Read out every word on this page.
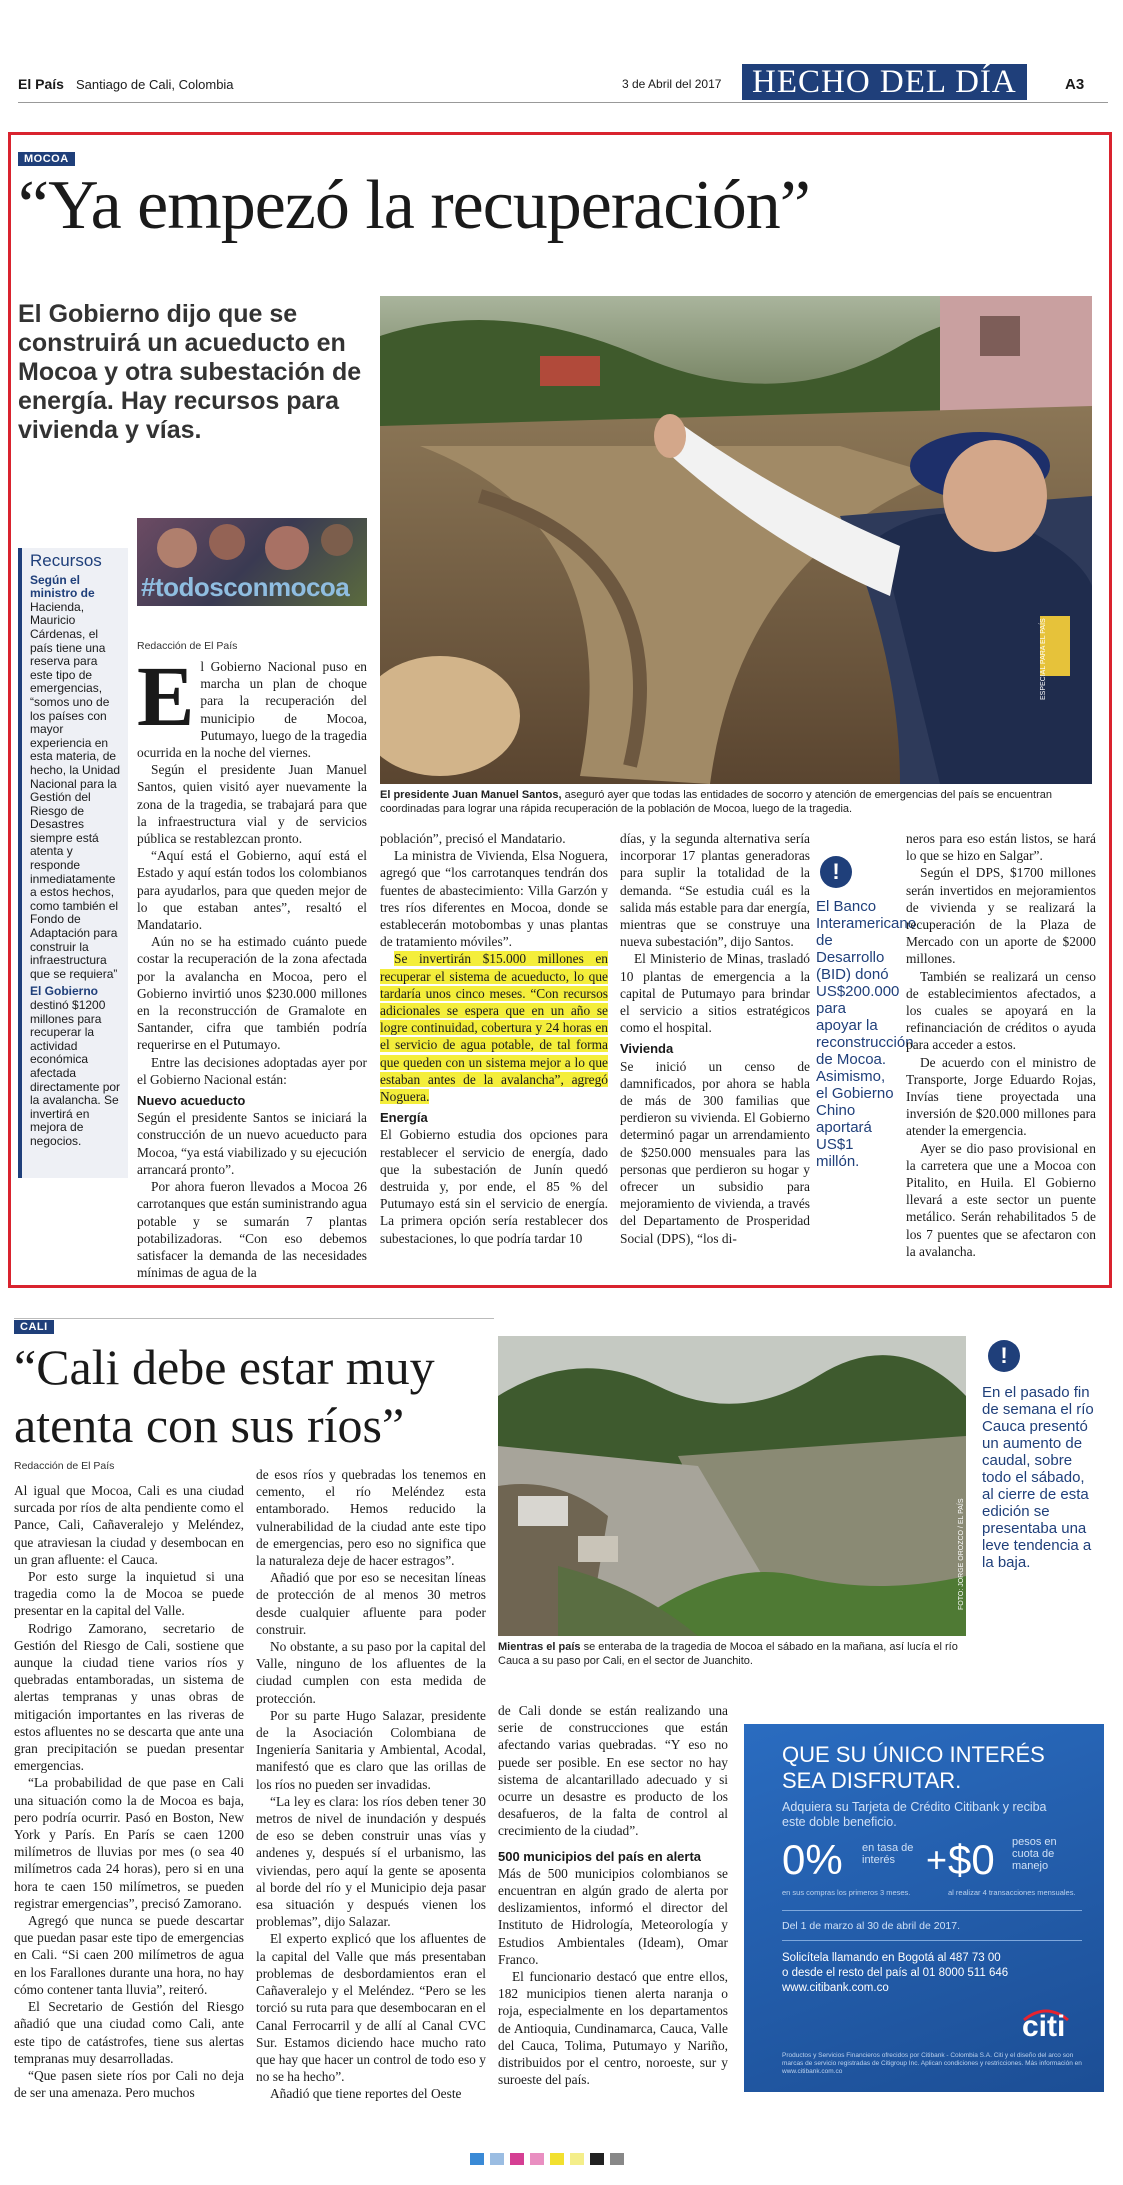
El País Santiago de Cali, Colombia	3 de Abril del 2017 HECHO DEL DÍA	A3
MOCOA
“Ya empezó la recuperación”
El Gobierno dijo que se construirá un acueducto en Mocoa y otra subestación de energía. Hay recursos para vivienda y vías.
ESPECIAL PARA EL PAÍS
El presidente Juan Manuel Santos, aseguró ayer que todas las entidades de socorro y atención de emergencias del país se encuentran coordinadas para lograr una rápida recuperación de la población de Mocoa, luego de la tragedia.
#todosconmocoa
Recursos

Según el ministro de Hacienda, Mauricio Cárdenas, el país tiene una reserva para este tipo de emergencias, “somos uno de los países con mayor experiencia en esta materia, de hecho, la Unidad Nacional para la Gestión del Riesgo de Desastres siempre está atenta y responde inmediatamente a estos hechos, como también el Fondo de Adaptación para construir la infraestructura que se requiera”

El Gobierno destinó $1200 millones para recuperar la actividad económica afectada directamente por la avalancha. Se invertirá en mejora de negocios.

Redacción de El País
E l Gobierno Nacional puso en marcha un plan de choque para la recuperación del municipio de Mocoa, Putumayo, luego de la tragedia ocurrida en la noche del viernes.

Según el presidente Juan Manuel Santos, quien visitó ayer nuevamente la zona de la tragedia, se trabajará para que la infraestructura vial y de servicios pública se restablezcan pronto.

“Aquí está el Gobierno, aquí está el Estado y aquí están todos los colombianos para ayudarlos, para que queden mejor de lo que estaban antes”, resaltó el Mandatario.

Aún no se ha estimado cuánto puede costar la recuperación de la zona afectada por la avalancha en Mocoa, pero el Gobierno invirtió unos $230.000 millones en la reconstrucción de Gramalote en Santander, cifra que también podría requerirse en el Putumayo.

Entre las decisiones adoptadas ayer por el Gobierno Nacional están:

Nuevo acueducto

Según el presidente Santos se iniciará la construcción de un nuevo acueducto para Mocoa, “ya está viabilizado y su ejecución arrancará pronto”.

Por ahora fueron llevados a Mocoa 26 carrotanques que están suministrando agua potable y se sumarán 7 plantas potabilizadoras. “Con eso debemos satisfacer la demanda de las necesidades mínimas de agua de la

población”, precisó el Mandatario.

La ministra de Vivienda, Elsa Noguera, agregó que “los carrotanques tendrán dos fuentes de abastecimiento: Villa Garzón y tres ríos diferentes en Mocoa, donde se establecerán motobombas y unas plantas de tratamiento móviles”.

Se invertirán $15.000 millones en recuperar el sistema de acueducto, lo que tardaría unos cinco meses. “Con recursos adicionales se espera que en un año se logre continuidad, cobertura y 24 horas en el servicio de agua potable, de tal forma que queden con un sistema mejor a lo que estaban antes de la avalancha”, agregó Noguera.

Energía

El Gobierno estudia dos opciones para restablecer el servicio de energía, dado que la subestación de Junín quedó destruida y, por ende, el 85 % del Putumayo está sin el servicio de energía. La primera opción sería restablecer dos subestaciones, lo que podría tardar 10

días, y la segunda alternativa sería incorporar 17 plantas generadoras para suplir la totalidad de la demanda. “Se estudia cuál es la salida más estable para dar energía, mientras que se construye una nueva subestación”, dijo Santos.

El Ministerio de Minas, trasladó 10 plantas de emergencia a la capital de Putumayo para brindar el servicio a sitios estratégicos como el hospital.

Vivienda

Se inició un censo de damnificados, por ahora se habla de más de 300 familias que perdieron su vivienda. El Gobierno determinó pagar un arrendamiento de $250.000 mensuales para las personas que perdieron su hogar y ofrecer un subsidio para mejoramiento de vivienda, a través del Departamento de Prosperidad Social (DPS), “los di-

!
El Banco Interamericano de Desarrollo (BID) donó US$200.000 para apoyar la reconstrucción de Mocoa. Asimismo, el Gobierno Chino aportará US$1 millón.

neros para eso están listos, se hará lo que se hizo en Salgar”.

Según el DPS, $1700 millones serán invertidos en mejoramientos de vivienda y se realizará la recuperación de la Plaza de Mercado con un aporte de $2000 millones.

También se realizará un censo de establecimientos afectados, a los cuales se apoyará en la refinanciación de créditos o ayuda para acceder a estos.

De acuerdo con el ministro de Transporte, Jorge Eduardo Rojas, Invías tiene proyectada una inversión de $20.000 millones para atender la emergencia.

Ayer se dio paso provisional en la carretera que une a Mocoa con Pitalito, en Huila. El Gobierno llevará a este sector un puente metálico. Serán rehabilitados 5 de los 7 puentes que se afectaron con la avalancha.

CALI
“Cali debe estar muy atenta con sus ríos”
Redacción de El País
FOTO: JORGE OROZCO / EL PAÍS
Mientras el país se enteraba de la tragedia de Mocoa el sábado en la mañana, así lucía el río Cauca a su paso por Cali, en el sector de Juanchito.
!
En el pasado fin de semana el río Cauca presentó un aumento de caudal, sobre todo el sábado, al cierre de esta edición se presentaba una leve tendencia a la baja.

Al igual que Mocoa, Cali es una ciudad surcada por ríos de alta pendiente como el Pance, Cali, Cañaveralejo y Meléndez, que atraviesan la ciudad y desembocan en un gran afluente: el Cauca.

Por esto surge la inquietud si una tragedia como la de Mocoa se puede presentar en la capital del Valle.

Rodrigo Zamorano, secretario de Gestión del Riesgo de Cali, sostiene que aunque la ciudad tiene varios ríos y quebradas entamboradas, un sistema de alertas tempranas y unas obras de mitigación importantes en las riveras de estos afluentes no se descarta que ante una gran precipitación se puedan presentar emergencias.

“La probabilidad de que pase en Cali una situación como la de Mocoa es baja, pero podría ocurrir. Pasó en Boston, New York y París. En París se caen 1200 milímetros de lluvias por mes (o sea 40 milímetros cada 24 horas), pero si en una hora te caen 150 milímetros, se pueden registrar emergencias”, precisó Zamorano.

Agregó que nunca se puede descartar que puedan pasar este tipo de emergencias en Cali. “Si caen 200 milímetros de agua en los Farallones durante una hora, no hay cómo contener tanta lluvia”, reiteró.

El Secretario de Gestión del Riesgo añadió que una ciudad como Cali, ante este tipo de catástrofes, tiene sus alertas tempranas muy desarrolladas.

“Que pasen siete ríos por Cali no deja de ser una amenaza. Pero muchos

de esos ríos y quebradas los tenemos en cemento, el río Meléndez esta entamborado. Hemos reducido la vulnerabilidad de la ciudad ante este tipo de emergencias, pero eso no significa que la naturaleza deje de hacer estragos”.

Añadió que por eso se necesitan líneas de protección de al menos 30 metros desde cualquier afluente para poder construir.

No obstante, a su paso por la capital del Valle, ninguno de los afluentes de la ciudad cumplen con esta medida de protección.

Por su parte Hugo Salazar, presidente de la Asociación Colombiana de Ingeniería Sanitaria y Ambiental, Acodal, manifestó que es claro que las orillas de los ríos no pueden ser invadidas.

“La ley es clara: los ríos deben tener 30 metros de nivel de inundación y después de eso se deben construir unas vías y andenes y, después sí el urbanismo, las viviendas, pero aquí la gente se aposenta al borde del río y el Municipio deja pasar esa situación y después vienen los problemas”, dijo Salazar.

El experto explicó que los afluentes de la capital del Valle que más presentaban problemas de desbordamientos eran el Cañaveralejo y el Meléndez. “Pero se les torció su ruta para que desembocaran en el Canal Ferrocarril y de allí al Canal CVC Sur. Estamos diciendo hace mucho rato que hay que hacer un control de todo eso y no se ha hecho”.

Añadió que tiene reportes del Oeste

de Cali donde se están realizando una serie de construcciones que están afectando varias quebradas. “Y eso no puede ser posible. En ese sector no hay sistema de alcantarillado adecuado y si ocurre un desastre es producto de los desafueros, de la falta de control al crecimiento de la ciudad”.

500 municipios del país en alerta

Más de 500 municipios colombianos se encuentran en algún grado de alerta por deslizamientos, informó el director del Instituto de Hidrología, Meteorología y Estudios Ambientales (Ideam), Omar Franco.

El funcionario destacó que entre ellos, 182 municipios tienen alerta naranja o roja, especialmente en los departamentos de Antioquia, Cundinamarca, Cauca, Valle del Cauca, Tolima, Putumayo y Nariño, distribuidos por el centro, noroeste, sur y suroeste del país.

QUE SU ÚNICO INTERÉS SEA DISFRUTAR.
Adquiera su Tarjeta de Crédito Citibank y reciba este doble beneficio.
0% en tasa de interés
en sus compras los primeros 3 meses.
+ $0 pesos en cuota de manejo
al realizar 4 transacciones mensuales.
Del 1 de marzo al 30 de abril de 2017.
Solicítela llamando en Bogotá al 487 73 00
o desde el resto del país al 01 8000 511 646
www.citibank.com.co
citi
Productos y Servicios Financieros ofrecidos por Citibank - Colombia S.A. Citi y el diseño del arco son marcas de servicio registradas de Citigroup Inc. Aplican condiciones y restricciones. Más información en www.citibank.com.co
